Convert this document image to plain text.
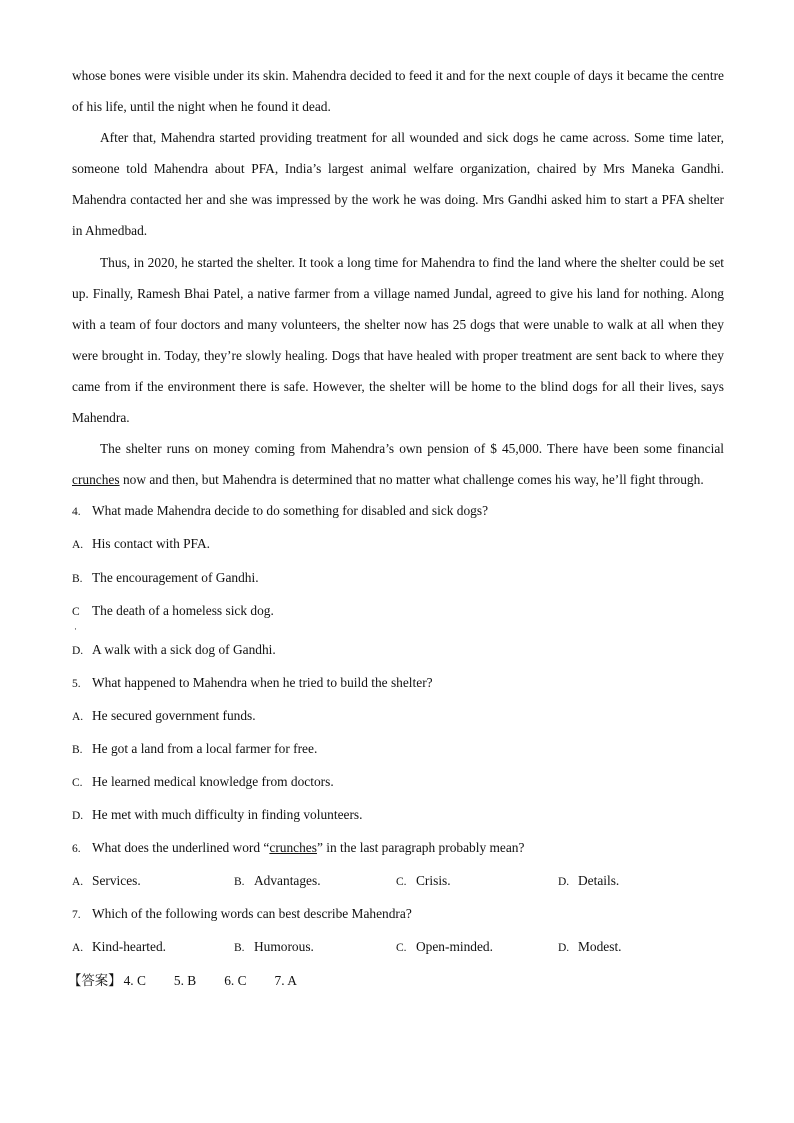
whose bones were visible under its skin. Mahendra decided to feed it and for the next couple of days it became the centre of his life, until the night when he found it dead.

After that, Mahendra started providing treatment for all wounded and sick dogs he came across. Some time later, someone told Mahendra about PFA, India’s largest animal welfare organization, chaired by Mrs Maneka Gandhi. Mahendra contacted her and she was impressed by the work he was doing. Mrs Gandhi asked him to start a PFA shelter in Ahmedbad.

Thus, in 2020, he started the shelter. It took a long time for Mahendra to find the land where the shelter could be set up. Finally, Ramesh Bhai Patel, a native farmer from a village named Jundal, agreed to give his land for nothing. Along with a team of four doctors and many volunteers, the shelter now has 25 dogs that were unable to walk at all when they were brought in. Today, they’re slowly healing. Dogs that have healed with proper treatment are sent back to where they came from if the environment there is safe. However, the shelter will be home to the blind dogs for all their lives, says Mahendra.

The shelter runs on money coming from Mahendra’s own pension of $ 45,000. There have been some financial crunches now and then, but Mahendra is determined that no matter what challenge comes his way, he’ll fight through.

4. What made Mahendra decide to do something for disabled and sick dogs?

A. His contact with PFA.

B. The encouragement of Gandhi.

C The death of a homeless sick dog.

·

D. A walk with a sick dog of Gandhi.

5. What happened to Mahendra when he tried to build the shelter?

A. He secured government funds.

B. He got a land from a local farmer for free.

C. He learned medical knowledge from doctors.

D. He met with much difficulty in finding volunteers.

6. What does the underlined word “crunches” in the last paragraph probably mean?

A. Services.	B. Advantages.	C. Crisis.	D. Details.

7. Which of the following words can best describe Mahendra?

A. Kind-hearted.	B. Humorous.	C. Open-minded.	D. Modest.

【答案】 4. C 5. B 6. C 7. A
